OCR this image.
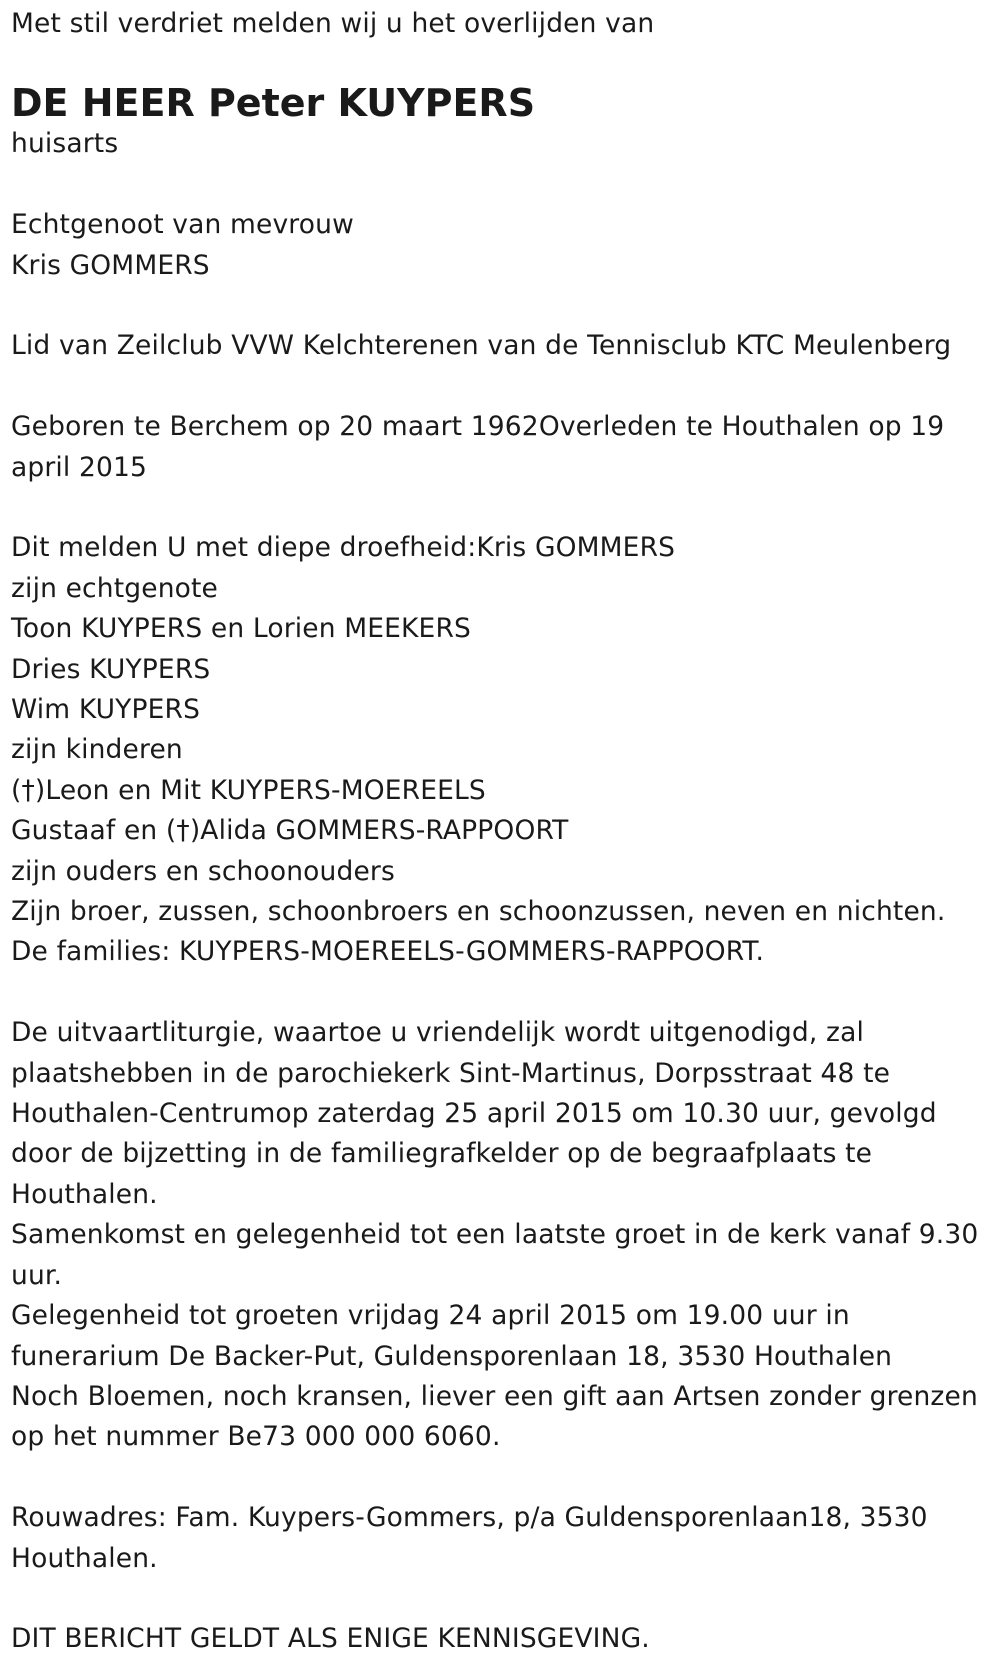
Met stil verdriet melden wij u het overlijden van
DE HEER Peter KUYPERS
huisarts
Echtgenoot van mevrouw
Kris GOMMERS
Lid van Zeilclub VVW Kelchterenen van de Tennisclub KTC Meulenberg
Geboren te Berchem op 20 maart 1962Overleden te Houthalen op 19
april 2015
Dit melden U met diepe droefheid:Kris GOMMERS
zijn echtgenote
Toon KUYPERS en Lorien MEEKERS
Dries KUYPERS
Wim KUYPERS
zijn kinderen
(†)Leon en Mit KUYPERS-MOEREELS
Gustaaf en (†)Alida GOMMERS-RAPPOORT
zijn ouders en schoonouders
Zijn broer, zussen, schoonbroers en schoonzussen, neven en nichten.
De families: KUYPERS-MOEREELS-GOMMERS-RAPPOORT.
De uitvaartliturgie, waartoe u vriendelijk wordt uitgenodigd, zal
plaatshebben in de parochiekerk Sint-Martinus, Dorpsstraat 48 te
Houthalen-Centrumop zaterdag 25 april 2015 om 10.30 uur, gevolgd
door de bijzetting in de familiegrafkelder op de begraafplaats te
Houthalen.
Samenkomst en gelegenheid tot een laatste groet in de kerk vanaf 9.30
uur.
Gelegenheid tot groeten vrijdag 24 april 2015 om 19.00 uur in
funerarium De Backer-Put, Guldensporenlaan 18, 3530 Houthalen
Noch Bloemen, noch kransen, liever een gift aan Artsen zonder grenzen
op het nummer Be73 000 000 6060.
Rouwadres: Fam. Kuypers-Gommers, p/a Guldensporenlaan18, 3530
Houthalen.
DIT BERICHT GELDT ALS ENIGE KENNISGEVING.
